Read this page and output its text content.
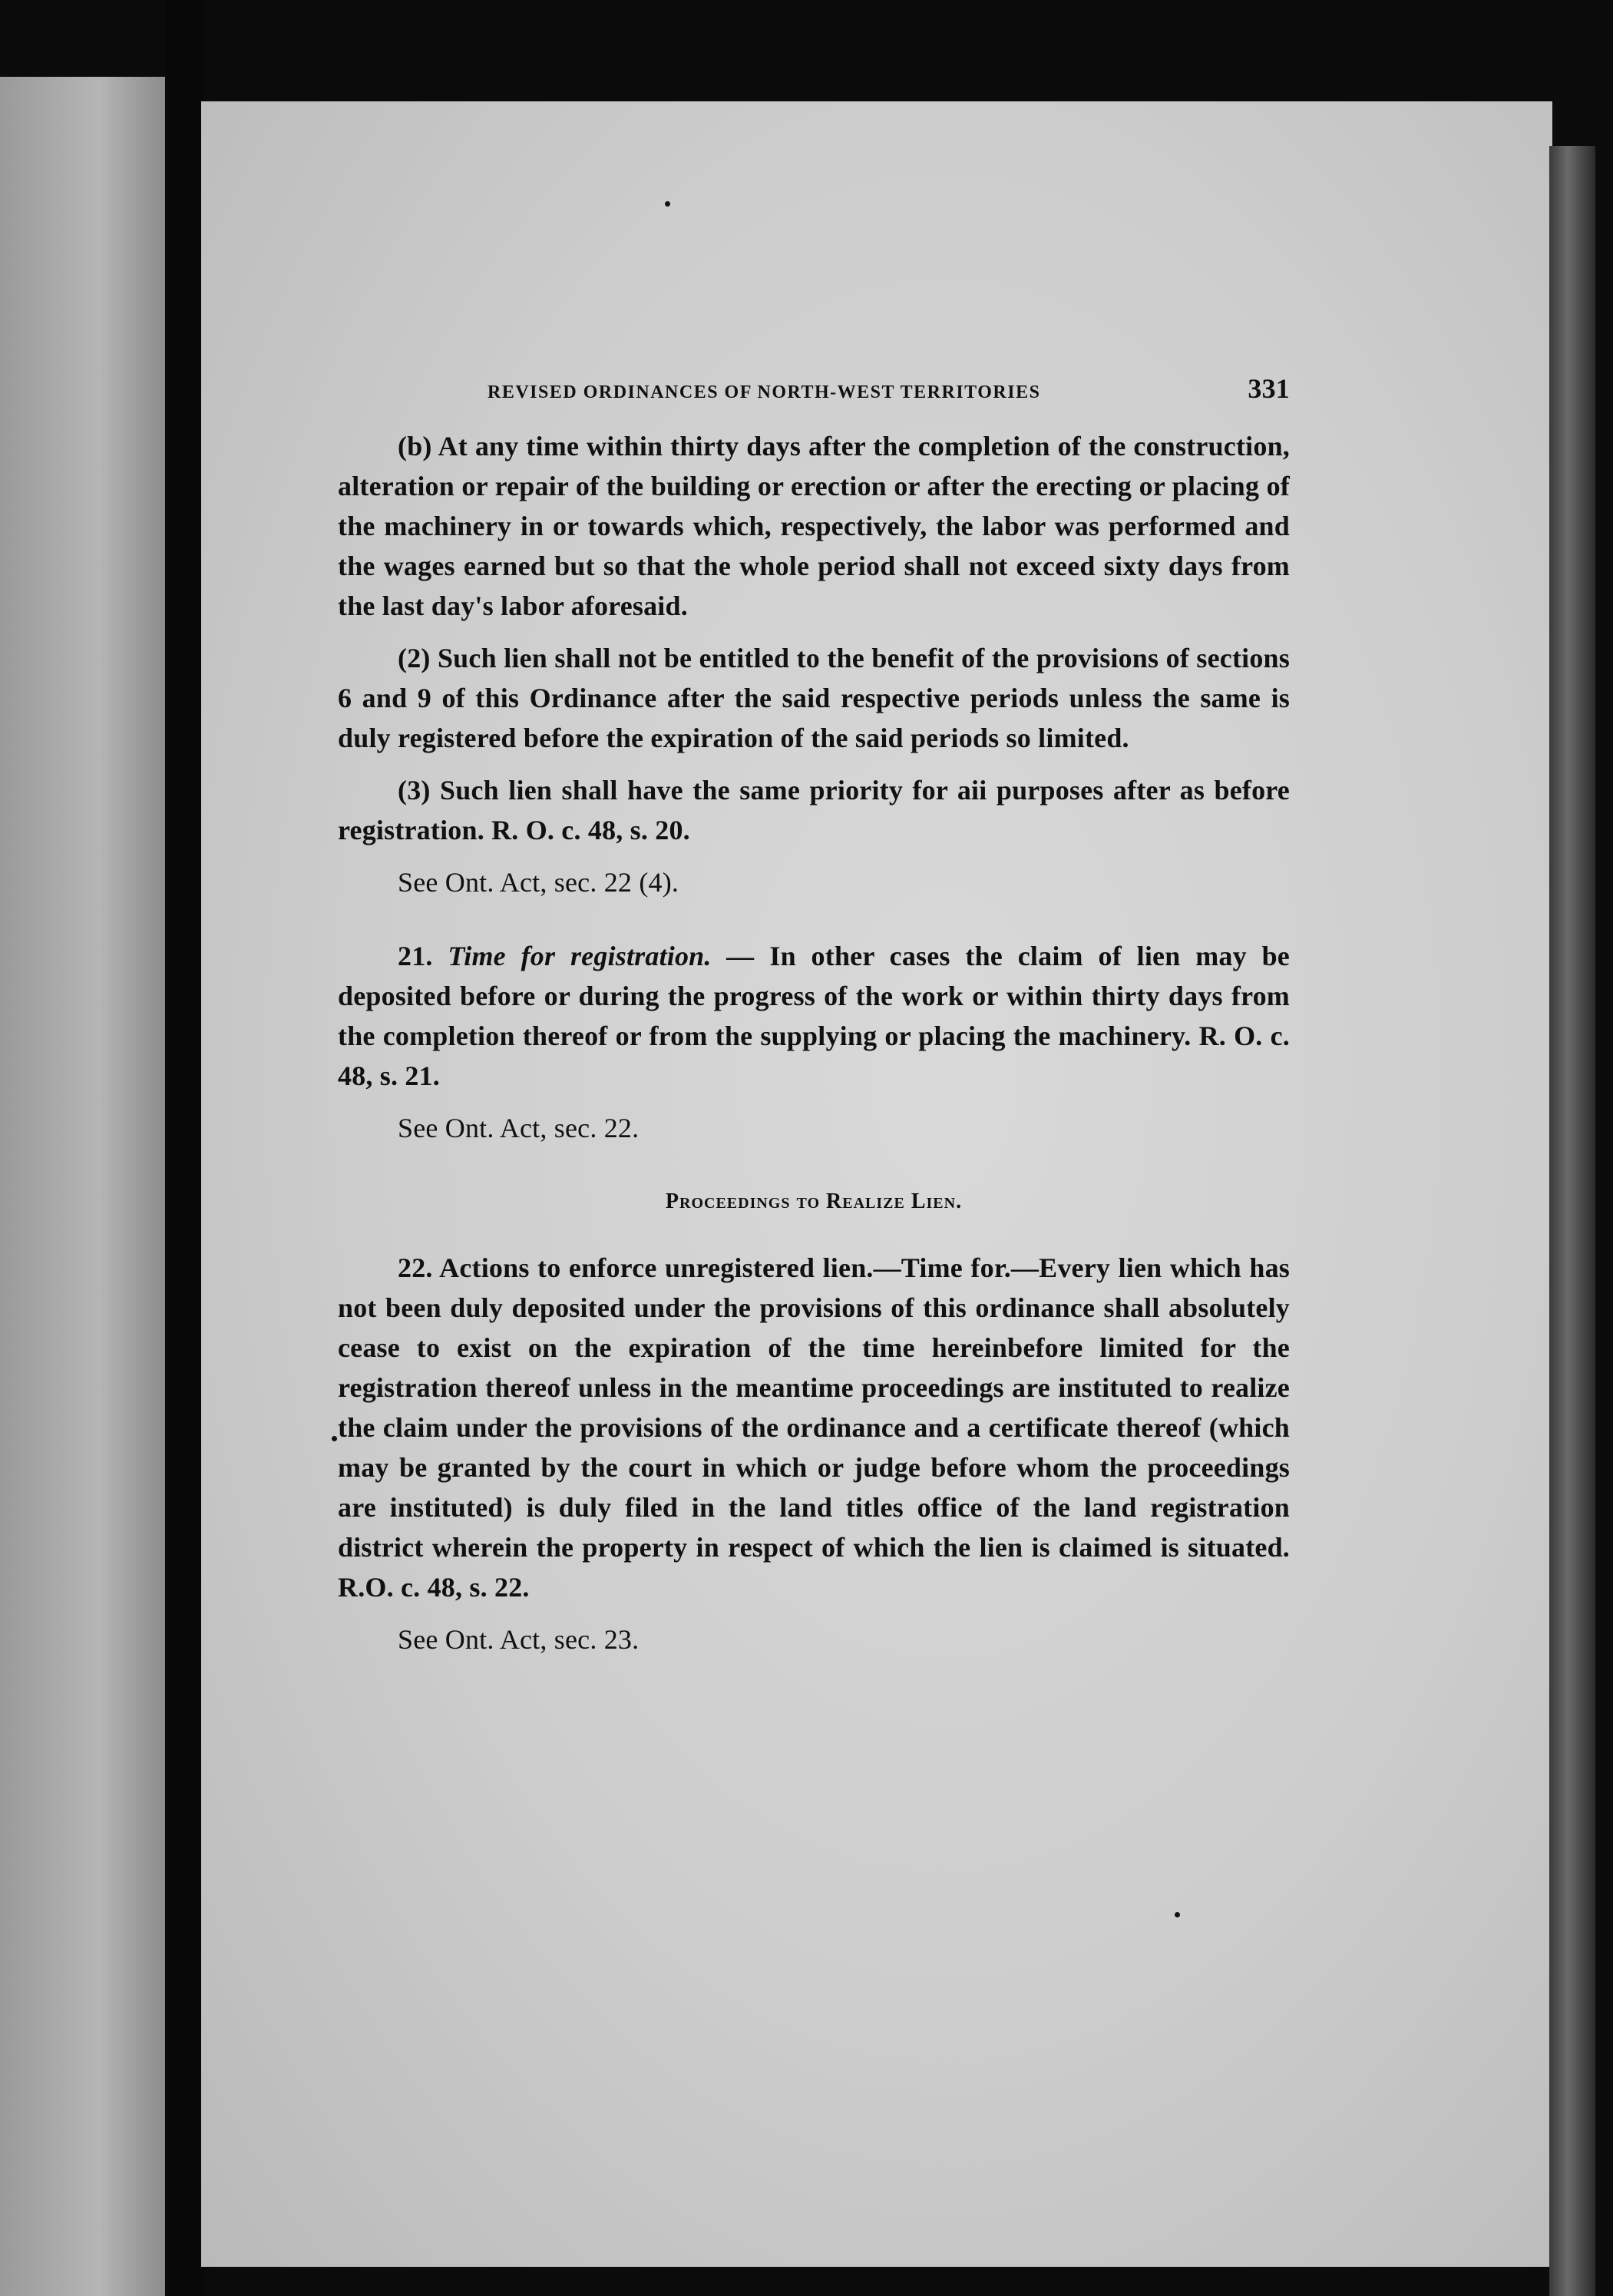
REVISED ORDINANCES OF NORTH-WEST TERRITORIES	331

(b) At any time within thirty days after the completion of the construction, alteration or repair of the building or erection or after the erecting or placing of the machinery in or towards which, respectively, the labor was performed and the wages earned but so that the whole period shall not exceed sixty days from the last day's labor aforesaid.

(2) Such lien shall not be entitled to the benefit of the provisions of sections 6 and 9 of this Ordinance after the said respective periods unless the same is duly registered before the expiration of the said periods so limited.

(3) Such lien shall have the same priority for aii purposes after as before registration. R. O. c. 48, s. 20.

See Ont. Act, sec. 22 (4).

21. Time for registration. — In other cases the claim of lien may be deposited before or during the progress of the work or within thirty days from the completion thereof or from the supplying or placing the machinery. R. O. c. 48, s. 21.

See Ont. Act, sec. 22.

Proceedings to Realize Lien.

22. Actions to enforce unregistered lien.—Time for.—Every lien which has not been duly deposited under the provisions of this ordinance shall absolutely cease to exist on the expiration of the time hereinbefore limited for the registration thereof unless in the meantime proceedings are instituted to realize the claim under the provisions of the ordinance and a certificate thereof (which may be granted by the court in which or judge before whom the proceedings are instituted) is duly filed in the land titles office of the land registration district wherein the property in respect of which the lien is claimed is situated. R.O. c. 48, s. 22.

See Ont. Act, sec. 23.
